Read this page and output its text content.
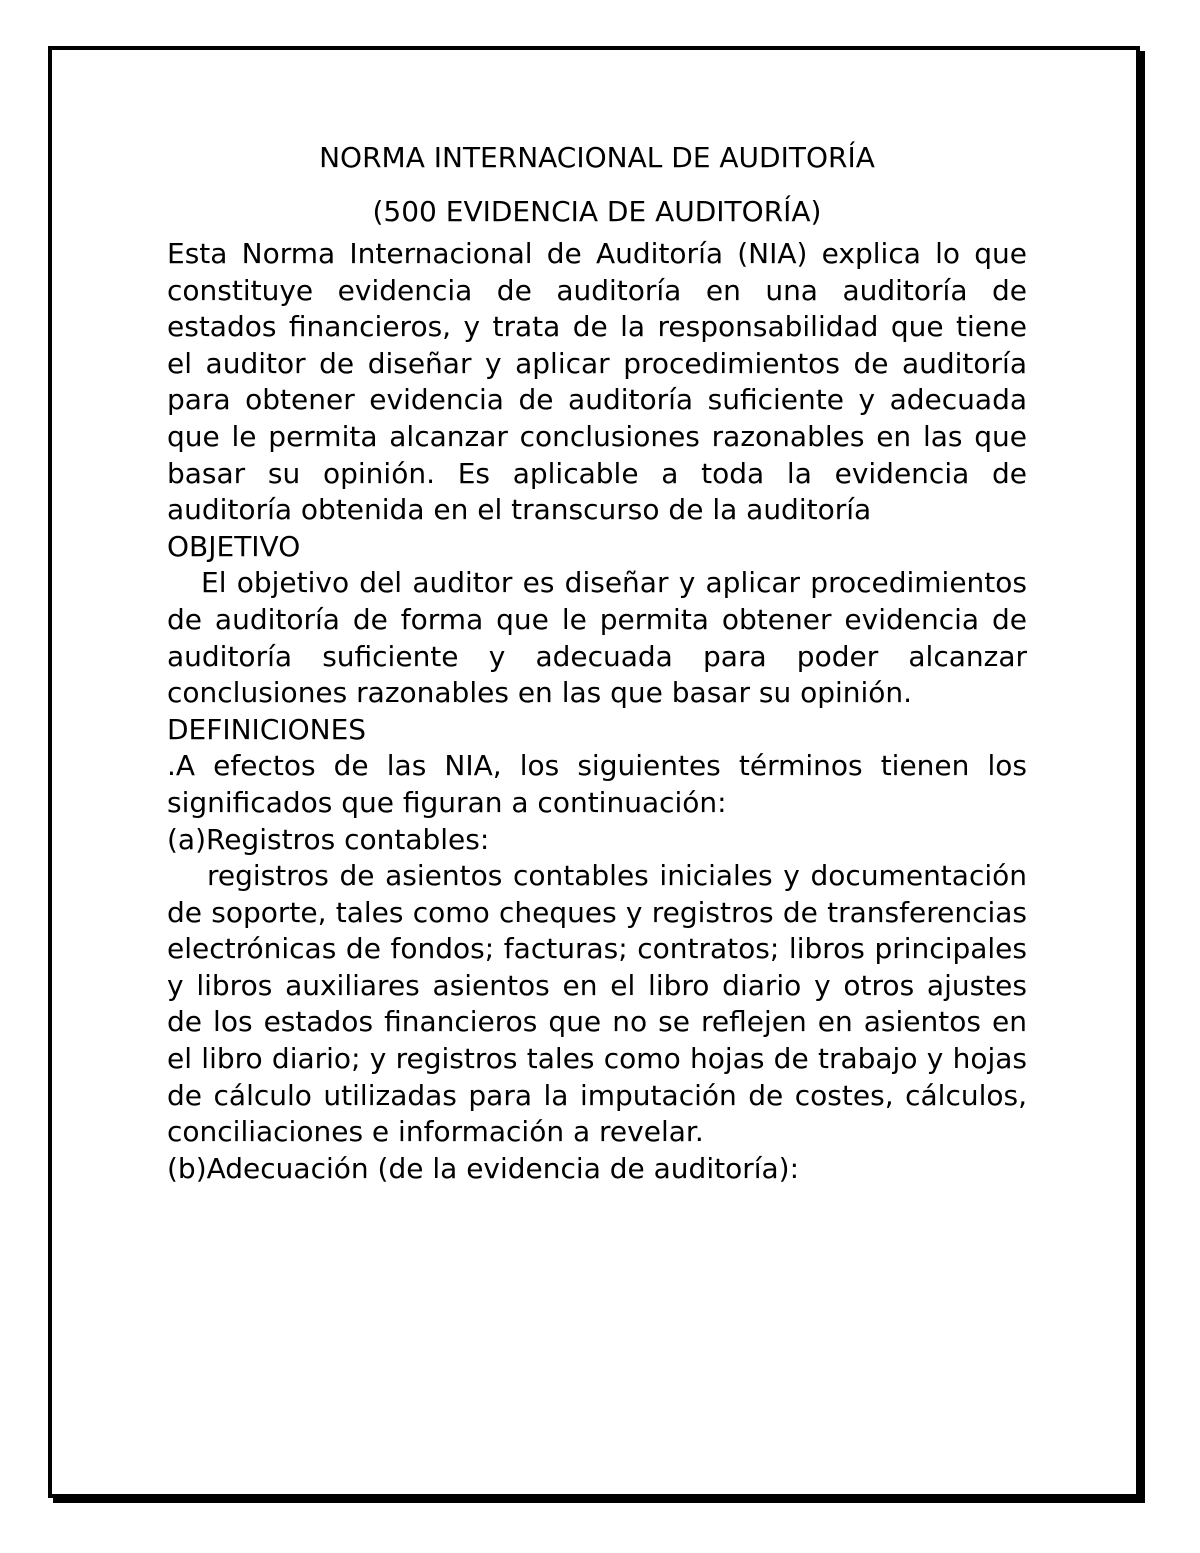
NORMA INTERNACIONAL DE AUDITORÍA
(500 EVIDENCIA DE AUDITORÍA)

Esta Norma Internacional de Auditoría (NIA) explica lo que constituye evidencia de auditoría en una auditoría de estados financieros, y trata de la responsabilidad que tiene el auditor de diseñar y aplicar procedimientos de auditoría para obtener evidencia de auditoría suficiente y adecuada que le permita alcanzar conclusiones razonables en las que basar su opinión. Es aplicable a toda la evidencia de auditoría obtenida en el transcurso de la auditoría

OBJETIVO

El objetivo del auditor es diseñar y aplicar procedimientos de auditoría de forma que le permita obtener evidencia de auditoría suficiente y adecuada para poder alcanzar conclusiones razonables en las que basar su opinión.

DEFINICIONES

.A efectos de las NIA, los siguientes términos tienen los significados que figuran a continuación:

(a)Registros contables:

registros de asientos contables iniciales y documentación de soporte, tales como cheques y registros de transferencias electrónicas de fondos; facturas; contratos; libros principales y libros auxiliares asientos en el libro diario y otros ajustes de los estados financieros que no se reflejen en asientos en el libro diario; y registros tales como hojas de trabajo y hojas de cálculo utilizadas para la imputación de costes, cálculos, conciliaciones e información a revelar.

(b)Adecuación (de la evidencia de auditoría):
